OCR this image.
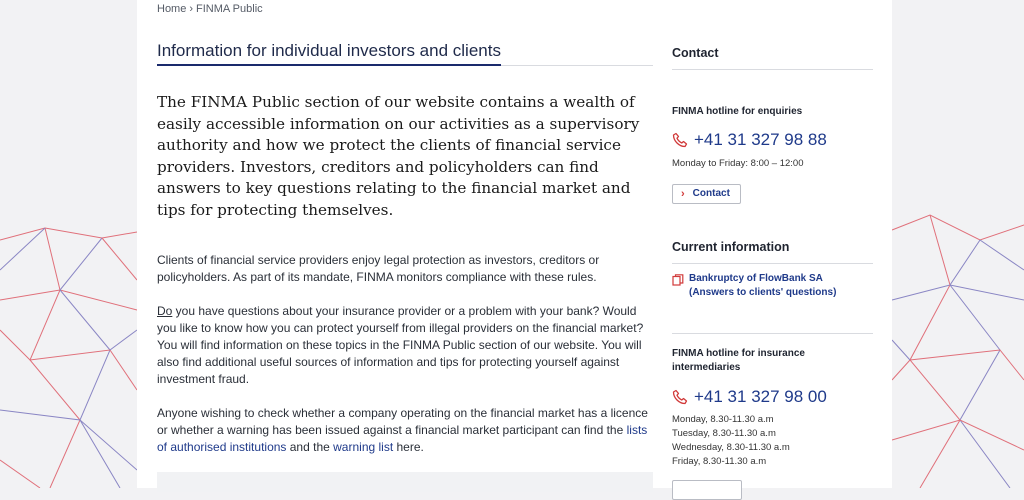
Home › FINMA Public
Information for individual investors and clients

The FINMA Public section of our website contains a wealth of easily accessible information on our activities as a supervisory authority and how we protect the clients of financial service providers. Investors, creditors and policyholders can find answers to key questions relating to the financial market and tips for protecting themselves.

Clients of financial service providers enjoy legal protection as investors, creditors or policyholders. As part of its mandate, FINMA monitors compliance with these rules.

Do you have questions about your insurance provider or a problem with your bank? Would you like to know how you can protect yourself from illegal providers on the financial market? You will find information on these topics in the FINMA Public section of our website. You will also find additional useful sources of information and tips for protecting yourself against investment fraud.

Anyone wishing to check whether a company operating on the financial market has a licence or whether a warning has been issued against a financial market participant can find the lists of authorised institutions and the warning list here.

Contact
FINMA hotline for enquiries
+41 31 327 98 88
Monday to Friday: 8:00 – 12:00
› Contact
Current information
Bankruptcy of FlowBank SA
(Answers to clients' questions)
FINMA hotline for insurance
intermediaries
+41 31 327 98 00
Monday, 8.30-11.30 a.m
Tuesday, 8.30-11.30 a.m
Wednesday, 8.30-11.30 a.m
Friday, 8.30-11.30 a.m
